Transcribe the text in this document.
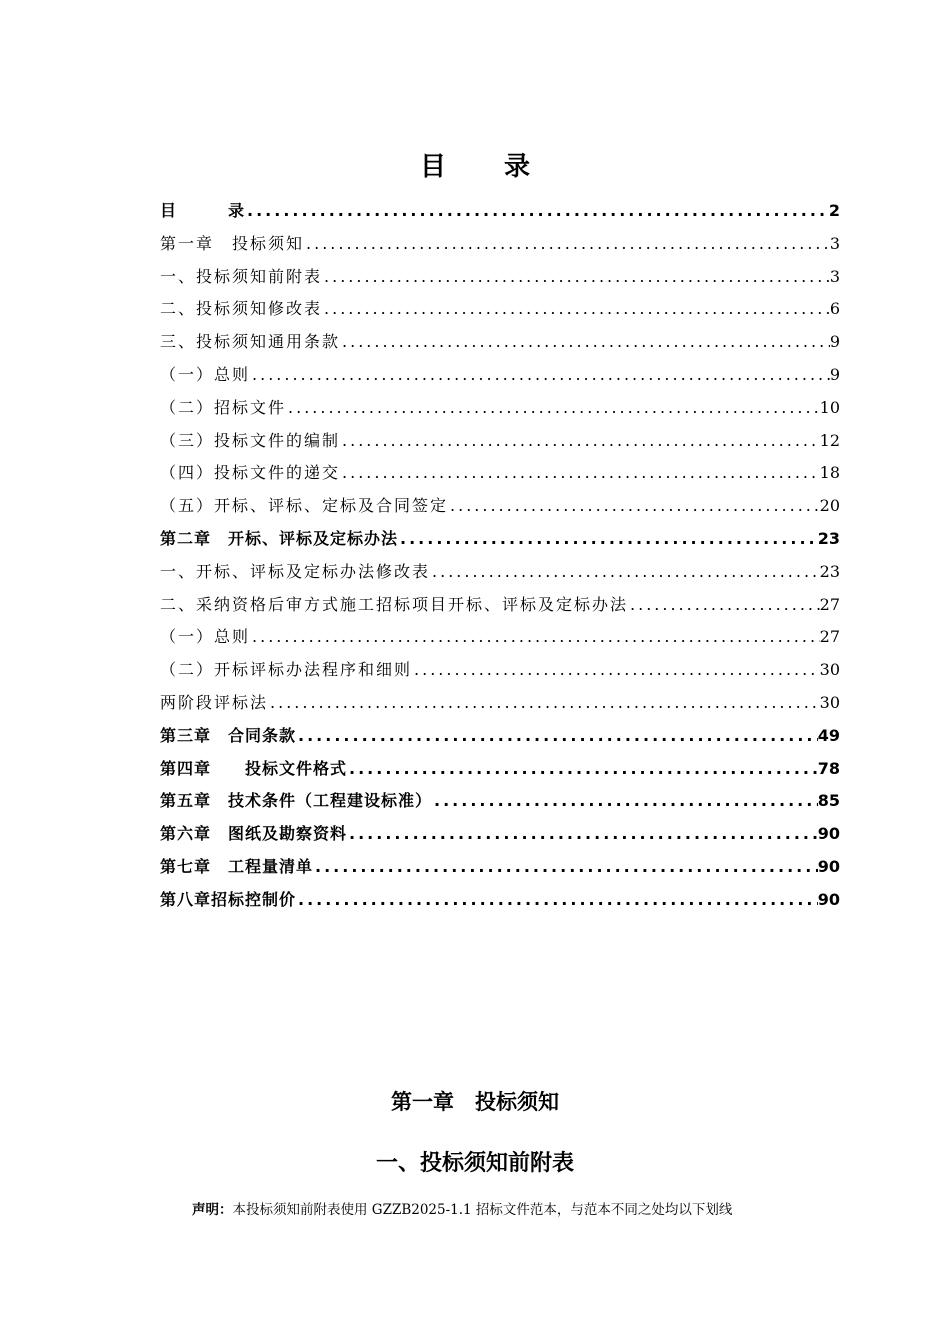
目 录
目　　　录 .....	2
第一章　投标须知 .....	3
一、投标须知前附表 .....	3
二、投标须知修改表 .....	6
三、投标须知通用条款 .....	9
（一）总则 .....	9
（二）招标文件 .....	10
（三）投标文件的编制 .....	12
（四）投标文件的递交 .....	18
（五）开标、评标、定标及合同签定 .....	20
第二章　开标、评标及定标办法 .....	23
一、开标、评标及定标办法修改表 .....	23
二、采纳资格后审方式施工招标项目开标、评标及定标办法 .....	27
（一）总则 .....	27
（二）开标评标办法程序和细则 .....	30
两阶段评标法 .....	30
第三章　合同条款 .....	49
第四章　　投标文件格式 .....	78
第五章　技术条件（工程建设标准） .....	85
第六章　图纸及勘察资料 .....	90
第七章　工程量清单 .....	90
第八章招标控制价 .....	90
第一章　投标须知
一、投标须知前附表
声明：本投标须知前附表使用 GZZB2025-1.1 招标文件范本，与范本不同之处均以下划线
